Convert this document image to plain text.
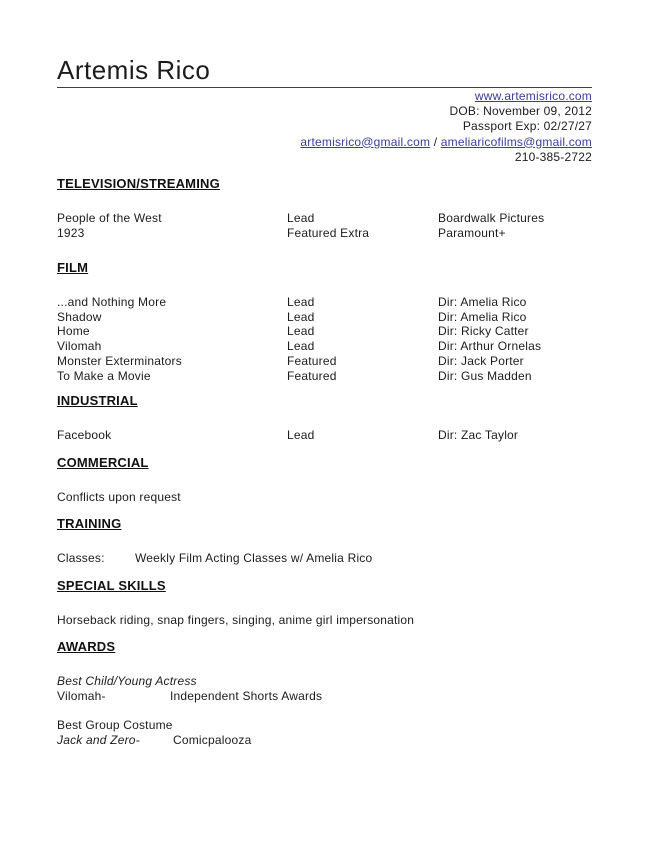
Artemis Rico
www.artemisrico.com
DOB: November 09, 2012
Passport Exp: 02/27/27
artemisrico@gmail.com / ameliaricofilms@gmail.com
210-385-2722
TELEVISION/STREAMING
People of the West	Lead	Boardwalk Pictures
1923	Featured Extra	Paramount+
FILM
...and Nothing More	Lead	Dir: Amelia Rico
Shadow	Lead	Dir: Amelia Rico
Home	Lead	Dir: Ricky Catter
Vilomah	Lead	Dir: Arthur Ornelas
Monster Exterminators	Featured	Dir: Jack Porter
To Make a Movie	Featured	Dir: Gus Madden
INDUSTRIAL
Facebook	Lead	Dir: Zac Taylor
COMMERCIAL
Conflicts upon request
TRAINING
Classes:	Weekly Film Acting Classes w/ Amelia Rico
SPECIAL SKILLS
Horseback riding, snap fingers, singing, anime girl impersonation
AWARDS
Best Child/Young Actress
Vilomah-	Independent Shorts Awards
Best Group Costume
Jack and Zero-	Comicpalooza
